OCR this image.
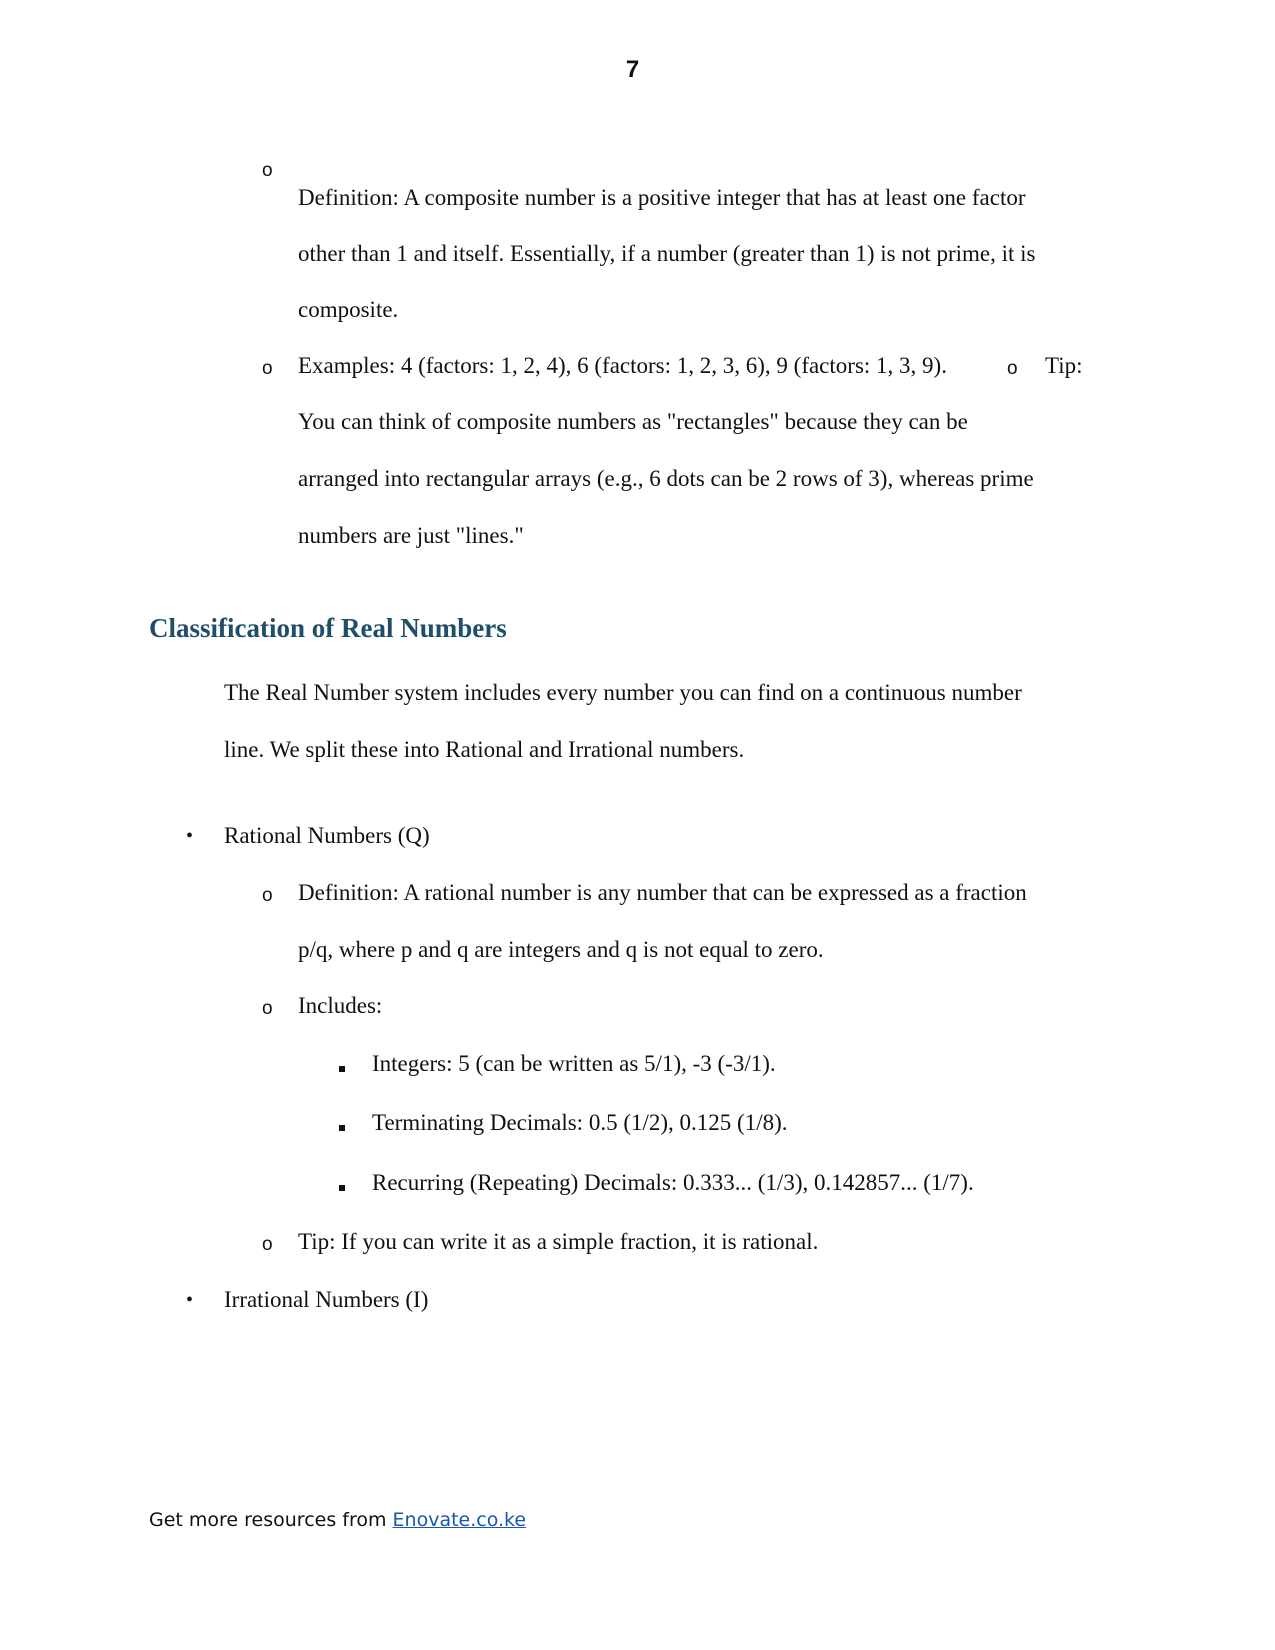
7
o
Definition: A composite number is a positive integer that has at least one factor
other than 1 and itself. Essentially, if a number (greater than 1) is not prime, it is
composite.
o Examples: 4 (factors: 1, 2, 4), 6 (factors: 1, 2, 3, 6), 9 (factors: 1, 3, 9).	o Tip:
You can think of composite numbers as "rectangles" because they can be
arranged into rectangular arrays (e.g., 6 dots can be 2 rows of 3), whereas prime
numbers are just "lines."
Classification of Real Numbers
The Real Number system includes every number you can find on a continuous number
line. We split these into Rational and Irrational numbers.
• Rational Numbers (Q)
o Definition: A rational number is any number that can be expressed as a fraction
p/q, where p and q are integers and q is not equal to zero.
o Includes:
Integers: 5 (can be written as 5/1), -3 (-3/1).
Terminating Decimals: 0.5 (1/2), 0.125 (1/8).
Recurring (Repeating) Decimals: 0.333... (1/3), 0.142857... (1/7).
o Tip: If you can write it as a simple fraction, it is rational.
• Irrational Numbers (I)
Get more resources from Enovate.co.ke
